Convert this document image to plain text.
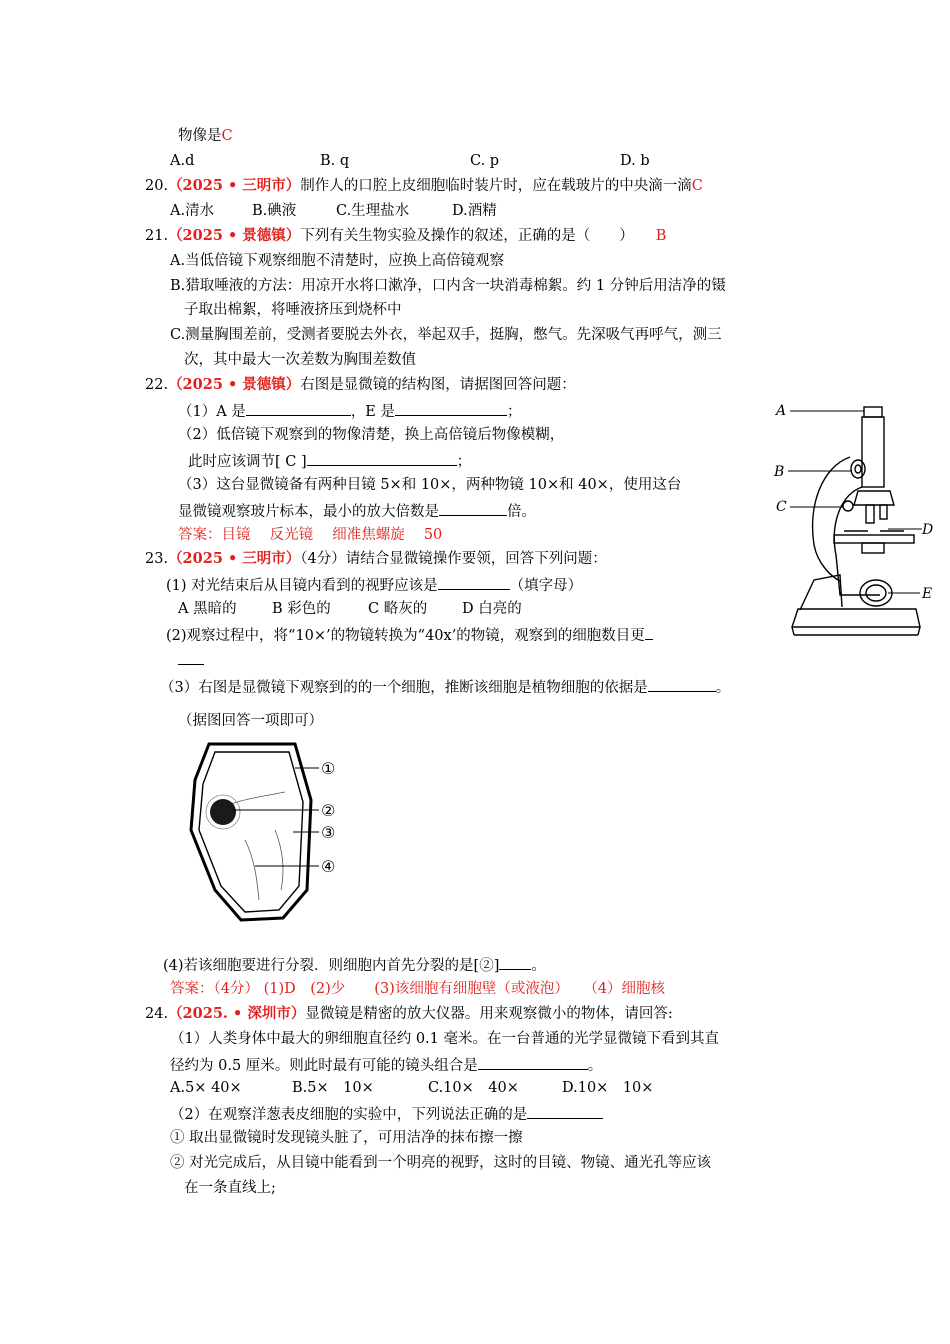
物像是C
A.d	B. q	C. p	D. b
20.（2025 • 三明市）制作人的口腔上皮细胞临时装片时，应在载玻片的中央滴一滴C
A.清水	B.碘液	C.生理盐水	D.酒精
21.（2025 • 景德镇）下列有关生物实验及操作的叙述，正确的是（　　） B
A.当低倍镜下观察细胞不清楚时，应换上高倍镜观察
B.猎取唾液的方法：用凉开水将口漱净，口内含一块消毒棉絮。约 1 分钟后用洁净的镊
子取出棉絮，将唾液挤压到烧杯中
C.测量胸围差前，受测者要脱去外衣，举起双手，挺胸，憋气。先深吸气再呼气，测三
次，其中最大一次差数为胸围差数值
22.（2025 • 景德镇）右图是显微镜的结构图，请据图回答问题：
（1）A 是	，E 是	；
（2）低倍镜下观察到的物像清楚，换上高倍镜后物像模糊，
此时应该调节[ C ]	；
（3）这台显微镜备有两种目镜 5×和 10×，两种物镜 10×和 40×，使用这台
显微镜观察玻片标本，最小的放大倍数是	倍。
答案：目镜　 反光镜　 细准焦螺旋　 50
A
B
C
D
E
23.（2025 • 三明市）（4分）请结合显微镜操作要领，回答下列问题：
(1) 对光结束后从目镜内看到的视野应该是	（填字母）
A 黑暗的 B 彩色的	C 略灰的 D 白亮的
(2)观察过程中，将“10×’的物镜转换为“40x’的物镜，观察到的细胞数目更
（3）右图是显微镜下观察到的的一个细胞，推断该细胞是植物细胞的依据是	。
（据图回答一项即可）
①
②
③
④
(4)若该细胞要进行分裂．则细胞内首先分裂的是[②] 。
答案：（4分） (1)D　(2)少　　(3)该细胞有细胞壁（或液泡）　　（4）细胞核
24.（2025. • 深圳市）显微镜是精密的放大仪器。用来观察微小的物体，请回答:
（1）人类身体中最大的卵细胞直径约 0.1 毫米。在一台普通的光学显微镜下看到其直
径约为 0.5 厘米。则此时最有可能的镜头组合是	。
A.5× 40×	B.5×　10×	C.10×　40×	D.10×　10×
（2）在观察洋葱表皮细胞的实验中，下列说法正确的是
① 取出显微镜时发现镜头脏了，可用洁净的抹布擦一擦
② 对光完成后，从目镜中能看到一个明亮的视野，这时的目镜、物镜、通光孔等应该
在一条直线上;
